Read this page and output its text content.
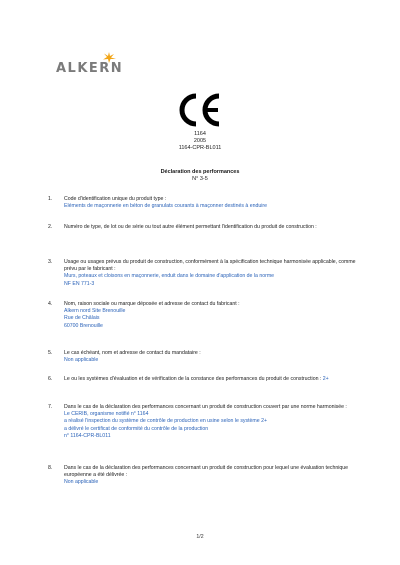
ALKERN
1164
2005
1164-CPR-BL011
Déclaration des performances
N° 3-5
1.	Code d'identification unique du produit type :
Eléments de maçonnerie en béton de granulats courants à maçonner destinés à enduire
2.	Numéro de type, de lot ou de série ou tout autre élément permettant l'identification du produit de construction :
3.	Usage ou usages prévus du produit de construction, conformément à la spécification technique harmonisée applicable, comme prévu par le fabricant :
Murs, poteaux et cloisons en maçonnerie, enduit dans le domaine d'application de la norme
NF EN 771-3
4.	Nom, raison sociale ou marque déposée et adresse de contact du fabricant :
Alkern nord Site Brenouille
Rue de Châlais
60700 Brenouille
5.	Le cas échéant, nom et adresse de contact du mandataire :
Non applicable
6.	Le ou les systèmes d'évaluation et de vérification de la constance des performances du produit de construction : 2+
7.	Dans le cas de la déclaration des performances concernant un produit de construction couvert par une norme harmonisée :
Le CERIB, organisme notifié n° 1164
a réalisé l'inspection du système de contrôle de production en usine selon le système 2+
a délivré le certificat de conformité du contrôle de la production
n° 1164-CPR-BL011
8.	Dans le cas de la déclaration des performances concernant un produit de construction pour lequel une évaluation technique européenne a été délivrée :
Non applicable
1/2
